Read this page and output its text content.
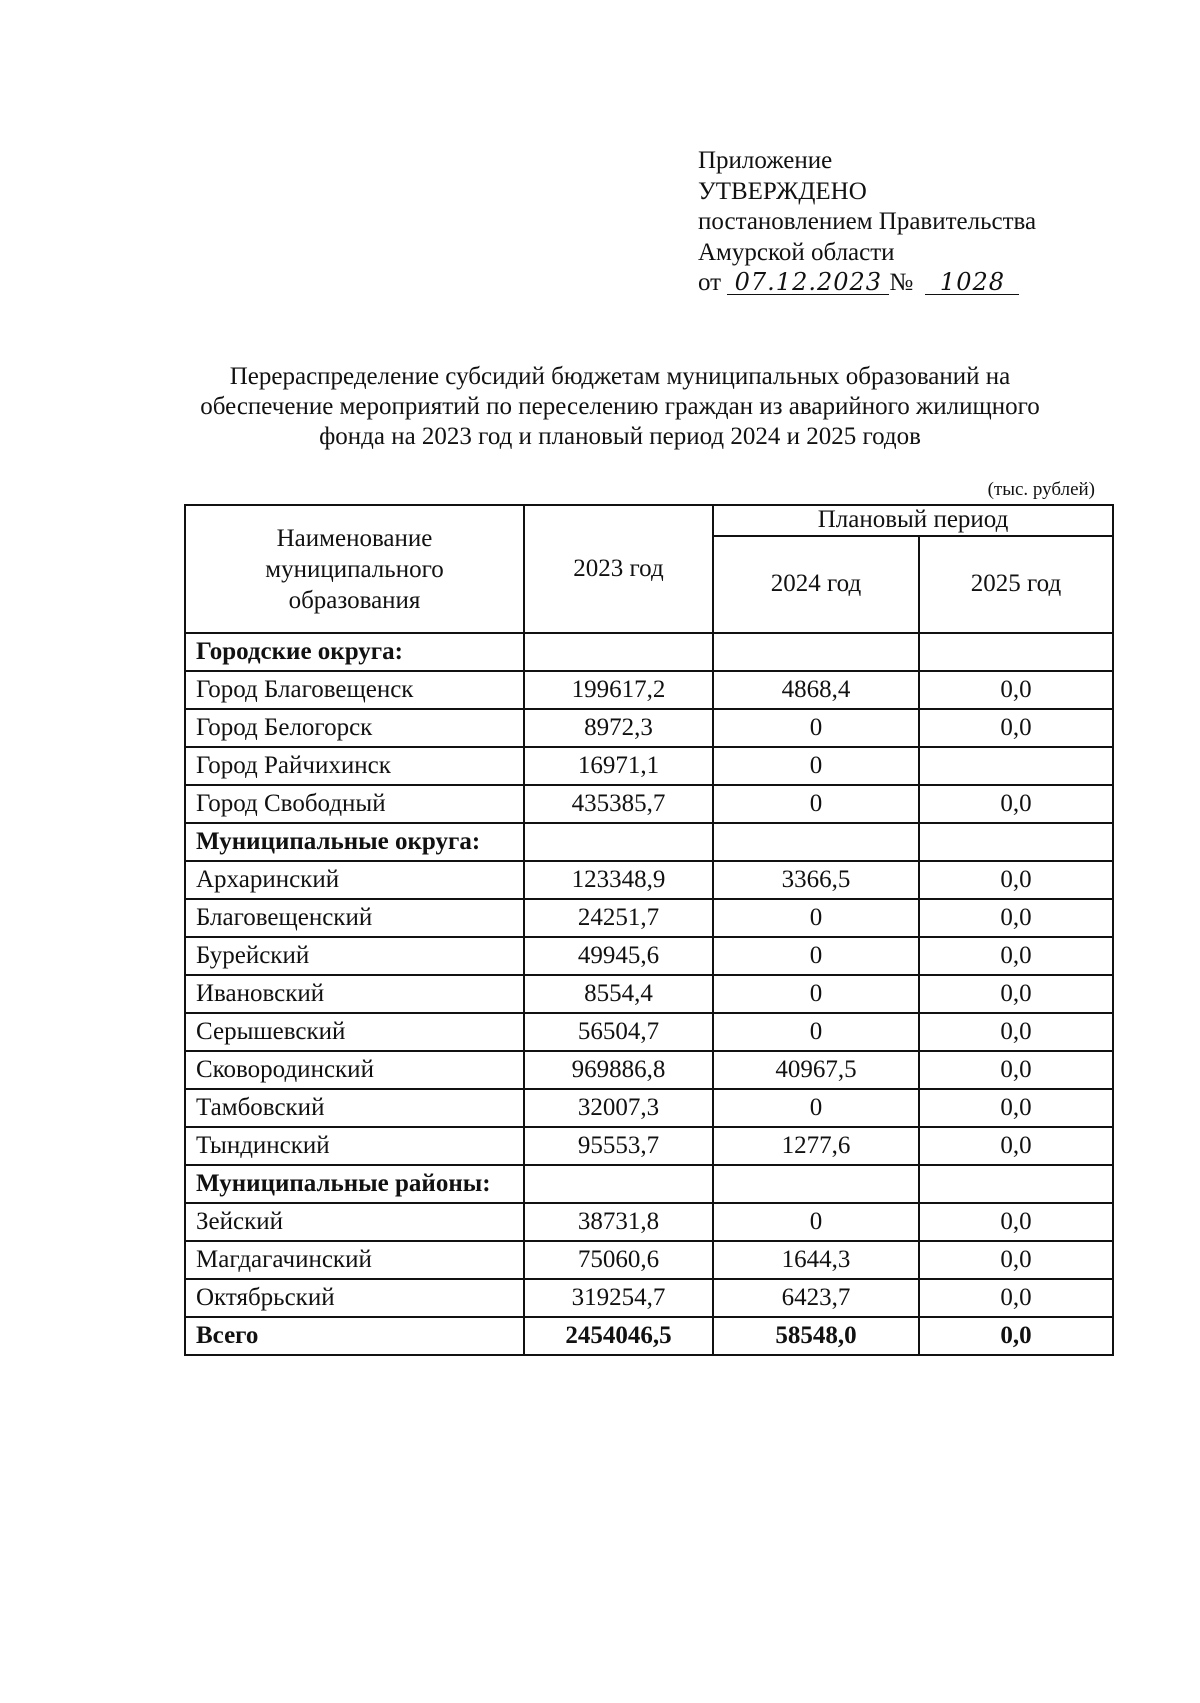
Приложение
УТВЕРЖДЕНО
постановлением Правительства
Амурской области
от 07.12.2023 № 1028
Перераспределение субсидий бюджетам муниципальных образований на
обеспечение мероприятий по переселению граждан из аварийного жилищного
фонда на 2023 год и плановый период 2024 и 2025 годов
(тыс. рублей)
Наименование
муниципального
образования	2023 год	Плановый период	
		2024 год	2025 год
Городские округа:			
Город Благовещенск	199617,2	4868,4	0,0
Город Белогорск	8972,3	0	0,0
Город Райчихинск	16971,1	0	
Город Свободный	435385,7	0	0,0
Муниципальные округа:			
Архаринский	123348,9	3366,5	0,0
Благовещенский	24251,7	0	0,0
Бурейский	49945,6	0	0,0
Ивановский	8554,4	0	0,0
Серышевский	56504,7	0	0,0
Сковородинский	969886,8	40967,5	0,0
Тамбовский	32007,3	0	0,0
Тындинский	95553,7	1277,6	0,0
Муниципальные районы:			
Зейский	38731,8	0	0,0
Магдагачинский	75060,6	1644,3	0,0
Октябрьский	319254,7	6423,7	0,0
Всего	2454046,5	58548,0	0,0
